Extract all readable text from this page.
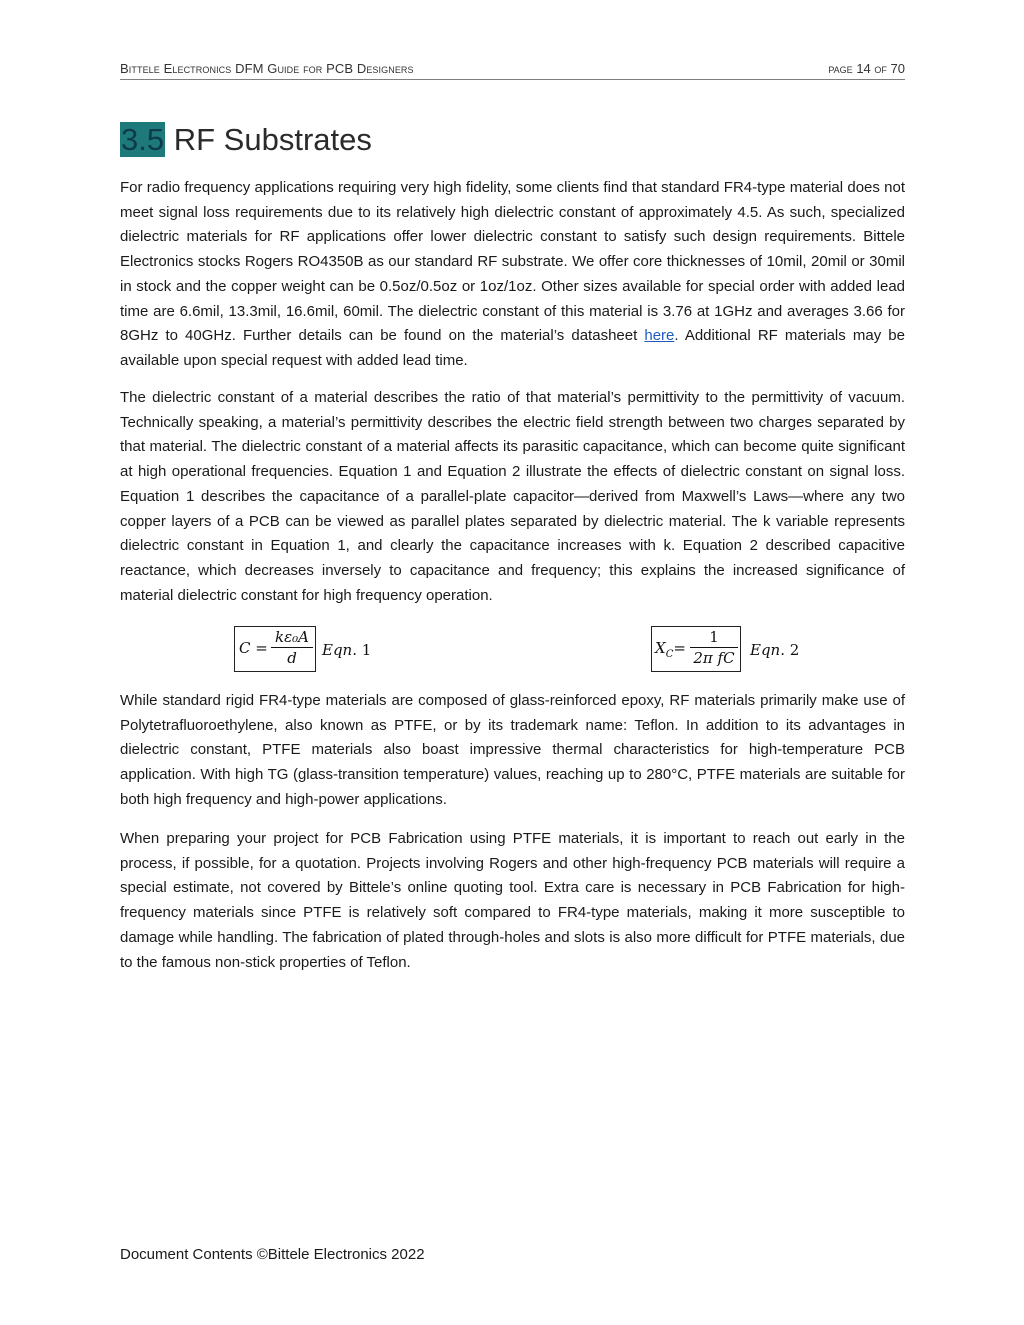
Bittele Electronics DFM Guide for PCB Designers	page 14 of 70
3.5 RF Substrates

For radio frequency applications requiring very high fidelity, some clients find that standard FR4-type material does not meet signal loss requirements due to its relatively high dielectric constant of approximately 4.5. As such, specialized dielectric materials for RF applications offer lower dielectric constant to satisfy such design requirements. Bittele Electronics stocks Rogers RO4350B as our standard RF substrate. We offer core thicknesses of 10mil, 20mil or 30mil in stock and the copper weight can be 0.5oz/0.5oz or 1oz/1oz. Other sizes available for special order with added lead time are 6.6mil, 13.3mil, 16.6mil, 60mil. The dielectric constant of this material is 3.76 at 1GHz and averages 3.66 for 8GHz to 40GHz. Further details can be found on the material’s datasheet here. Additional RF materials may be available upon special request with added lead time.

The dielectric constant of a material describes the ratio of that material’s permittivity to the permittivity of vacuum. Technically speaking, a material’s permittivity describes the electric field strength between two charges separated by that material. The dielectric constant of a material affects its parasitic capacitance, which can become quite significant at high operational frequencies. Equation 1 and Equation 2 illustrate the effects of dielectric constant on signal loss. Equation 1 describes the capacitance of a parallel-plate capacitor—derived from Maxwell’s Laws—where any two copper layers of a PCB can be viewed as parallel plates separated by dielectric material. The k variable represents dielectric constant in Equation 1, and clearly the capacitance increases with k. Equation 2 described capacitive reactance, which decreases inversely to capacitance and frequency; this explains the increased significance of material dielectric constant for high frequency operation.

$C = \frac{\text{kε₀A}}{d}$ Eqn. 1	$X_C= \frac{1}{\text{2π fC}}$ Eqn. 2

While standard rigid FR4-type materials are composed of glass-reinforced epoxy, RF materials primarily make use of Polytetrafluoroethylene, also known as PTFE, or by its trademark name: Teflon. In addition to its advantages in dielectric constant, PTFE materials also boast impressive thermal characteristics for high-temperature PCB application. With high TG (glass-transition temperature) values, reaching up to 280°C, PTFE materials are suitable for both high frequency and high-power applications.

When preparing your project for PCB Fabrication using PTFE materials, it is important to reach out early in the process, if possible, for a quotation. Projects involving Rogers and other high-frequency PCB materials will require a special estimate, not covered by Bittele’s online quoting tool. Extra care is necessary in PCB Fabrication for high-frequency materials since PTFE is relatively soft compared to FR4-type materials, making it more susceptible to damage while handling. The fabrication of plated through-holes and slots is also more difficult for PTFE materials, due to the famous non-stick properties of Teflon.

Document Contents ©Bittele Electronics 2022
